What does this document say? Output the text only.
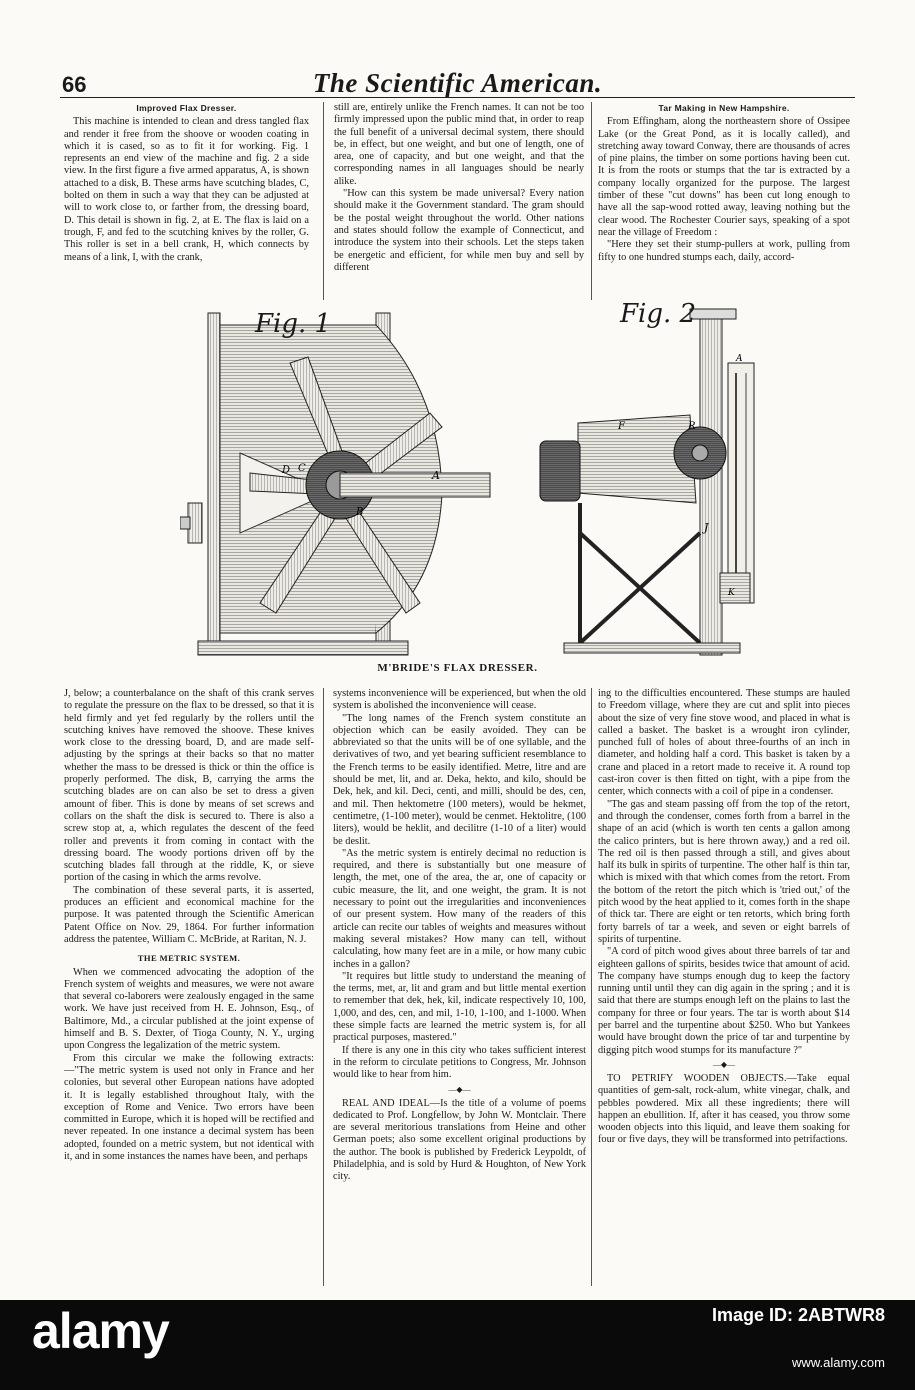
66	The Scientific American.
Improved Flax Dresser.

This machine is intended to clean and dress tangled flax and render it free from the shoove or wooden coating in which it is cased, so as to fit it for working. Fig. 1 represents an end view of the machine and fig. 2 a side view. In the first figure a five armed apparatus, A, is shown attached to a disk, B. These arms have scutching blades, C, bolted on them in such a way that they can be adjusted at will to work close to, or farther from, the dressing board, D. This detail is shown in fig. 2, at E. The flax is laid on a trough, F, and fed to the scutching knives by the roller, G. This roller is set in a bell crank, H, which connects by means of a link, I, with the crank,

still are, entirely unlike the French names. It can not be too firmly impressed upon the public mind that, in order to reap the full benefit of a universal decimal system, there should be, in effect, but one weight, and but one of length, one of area, one of capacity, and but one weight, and that the corresponding names in all languages should be nearly alike.

"How can this system be made universal? Every nation should make it the Government standard. The gram should be the postal weight throughout the world. Other nations and states should follow the example of Connecticut, and introduce the system into their schools. Let the steps taken be energetic and efficient, for while men buy and sell by different

Tar Making in New Hampshire.

From Effingham, along the northeastern shore of Ossipee Lake (or the Great Pond, as it is locally called), and stretching away toward Conway, there are thousands of acres of pine plains, the timber on some portions having been cut. It is from the roots or stumps that the tar is extracted by a company locally organized for the purpose. The largest timber of these "cut downs" has been cut long enough to have all the sap-wood rotted away, leaving nothing but the clear wood. The Rochester Courier says, speaking of a spot near the village of Freedom :

"Here they set their stump-pullers at work, pulling from fifty to one hundred stumps each, daily, accord-

A
B
C
D
F	R
J
A
K
Fig. 1	Fig. 2
M'BRIDE'S FLAX DRESSER.

J, below; a counterbalance on the shaft of this crank serves to regulate the pressure on the flax to be dressed, so that it is held firmly and yet fed regularly by the rollers until the scutching knives have removed the shoove. These knives work close to the dressing board, D, and are made self-adjusting by the springs at their backs so that no matter whether the mass to be dressed is thick or thin the office is properly performed. The disk, B, carrying the arms the scutching blades are on can also be set to dress a given amount of fiber. This is done by means of set screws and collars on the shaft the disk is secured to. There is also a screw stop at, a, which regulates the descent of the feed roller and prevents it from coming in contact with the dressing board. The woody portions driven off by the scutching blades fall through at the riddle, K, or sieve portion of the casing in which the arms revolve.

The combination of these several parts, it is asserted, produces an efficient and economical machine for the purpose. It was patented through the Scientific American Patent Office on Nov. 29, 1864. For further information address the patentee, William C. McBride, at Raritan, N. J.

THE METRIC SYSTEM.

When we commenced advocating the adoption of the French system of weights and measures, we were not aware that several co-laborers were zealously engaged in the same work. We have just received from H. E. Johnson, Esq., of Baltimore, Md., a circular published at the joint expense of himself and B. S. Dexter, of Tioga County, N. Y., urging upon Congress the legalization of the metric system.

From this circular we make the following extracts: —"The metric system is used not only in France and her colonies, but several other European nations have adopted it. It is legally established throughout Italy, with the exception of Rome and Venice. Two errors have been committed in Europe, which it is hoped will be rectified and never repeated. In one instance a decimal system has been adopted, founded on a metric system, but not identical with it, and in some instances the names have been, and perhaps

systems inconvenience will be experienced, but when the old system is abolished the inconvenience will cease.

"The long names of the French system constitute an objection which can be easily avoided. They can be abbreviated so that the units will be of one syllable, and the derivatives of two, and yet bearing sufficient resemblance to the French terms to be easily identified. Metre, litre and are should be met, lit, and ar. Deka, hekto, and kilo, should be Dek, hek, and kil. Deci, centi, and milli, should be des, cen, and mil. Then hektometre (100 meters), would be hekmet, centimetre, (1-100 meter), would be cenmet. Hektolitre, (100 liters), would be heklit, and decilitre (1-10 of a liter) would be deslit.

"As the metric system is entirely decimal no reduction is required, and there is substantially but one measure of length, the met, one of the area, the ar, one of capacity or cubic measure, the lit, and one weight, the gram. It is not necessary to point out the irregularities and inconveniences of our present system. How many of the readers of this article can recite our tables of weights and measures without making several mistakes? How many can tell, without calculating, how many feet are in a mile, or how many cubic inches in a gallon?

"It requires but little study to understand the meaning of the terms, met, ar, lit and gram and but little mental exertion to remember that dek, hek, kil, indicate respectively 10, 100, 1,000, and des, cen, and mil, 1-10, 1-100, and 1-1000. When these simple facts are learned the metric system is, for all practical purposes, mastered."

If there is any one in this city who takes sufficient interest in the reform to circulate petitions to Congress, Mr. Johnson would like to hear from him.

—◆—

REAL AND IDEAL—Is the title of a volume of poems dedicated to Prof. Longfellow, by John W. Montclair. There are several meritorious translations from Heine and other German poets; also some excellent original productions by the author. The book is published by Frederick Leypoldt, of Philadelphia, and is sold by Hurd & Houghton, of New York city.

ing to the difficulties encountered. These stumps are hauled to Freedom village, where they are cut and split into pieces about the size of very fine stove wood, and placed in what is called a basket. The basket is a wrought iron cylinder, punched full of holes of about three-fourths of an inch in diameter, and holding half a cord. This basket is taken by a crane and placed in a retort made to receive it. A round top cast-iron cover is then fitted on tight, with a pipe from the center, which connects with a coil of pipe in a condenser.

"The gas and steam passing off from the top of the retort, and through the condenser, comes forth from a barrel in the shape of an acid (which is worth ten cents a gallon among the calico printers, but is here thrown away,) and a red oil. The red oil is then passed through a still, and gives about half its bulk in spirits of turpentine. The other half is thin tar, which is mixed with that which comes from the retort. From the bottom of the retort the pitch which is 'tried out,' of the pitch wood by the heat applied to it, comes forth in the shape of thick tar. There are eight or ten retorts, which bring forth forty barrels of tar a week, and seven or eight barrels of spirits of turpentine.

"A cord of pitch wood gives about three barrels of tar and eighteen gallons of spirits, besides twice that amount of acid. The company have stumps enough dug to keep the factory running until until they can dig again in the spring ; and it is said that there are stumps enough left on the plains to last the company for three or four years. The tar is worth about $14 per barrel and the turpentine about $250. Who but Yankees would have brought down the price of tar and turpentine by digging pitch wood stumps for its manufacture ?"

—◆—

TO PETRIFY WOODEN OBJECTS.—Take equal quantities of gem-salt, rock-alum, white vinegar, chalk, and pebbles powdered. Mix all these ingredients; there will happen an ebullition. If, after it has ceased, you throw some wooden objects into this liquid, and leave them soaking for four or five days, they will be transformed into petrifactions.

alamy	Image ID: 2ABTWR8
www.alamy.com
